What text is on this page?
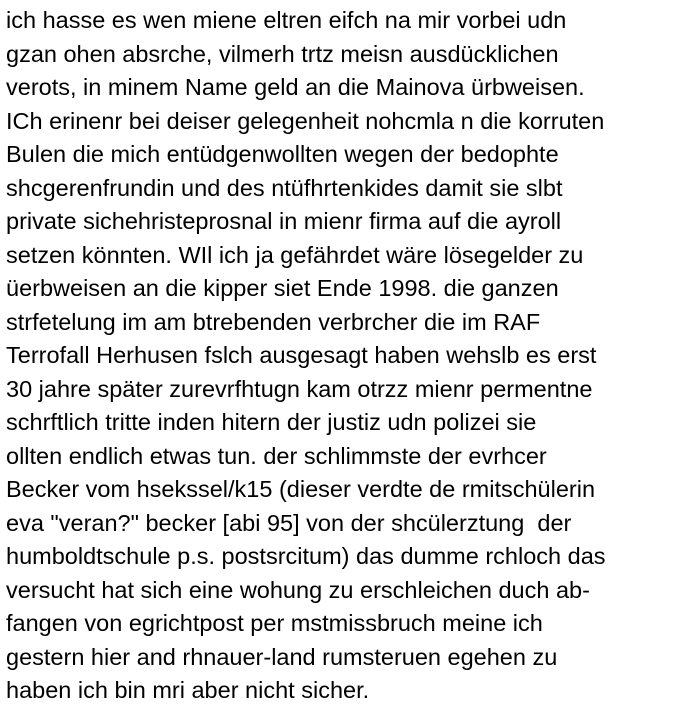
ich hasse es wen miene eltren eifch na mir vorbei udn
gzan ohen absrche, vilmerh trtz meisn ausdücklichen
verots, in minem Name geld an die Mainova ürbweisen.
ICh erinenr bei deiser gelegenheit nohcmla n die korruten
Bulen die mich entüdgenwollten wegen der bedophte
shcgerenfrundin und des ntüfhrtenkides damit sie slbt
private sichehristeprosnal in mienr firma auf die ayroll
setzen könnten. WIl ich ja gefährdet wäre lösegelder zu
üerbweisen an die kipper siet Ende 1998. die ganzen
strfetelung im am btrebenden verbrcher die im RAF
Terrofall Herhusen fslch ausgesagt haben wehslb es erst
30 jahre später zurevrfhtugn kam otrzz mienr permentne
schrftlich tritte inden hitern der justiz udn polizei sie
ollten endlich etwas tun. der schlimmste der evrhcer
Becker vom hsekssel/k15 (dieser verdte de rmitschülerin
eva "veran?" becker [abi 95] von der shcülerztung  der
humboldtschule p.s. postsrcitum) das dumme rchloch das
versucht hat sich eine wohung zu erschleichen duch ab-
fangen von egrichtpost per mstmissbruch meine ich
gestern hier and rhnauer-land rumsteruen egehen zu
haben ich bin mri aber nicht sicher.
